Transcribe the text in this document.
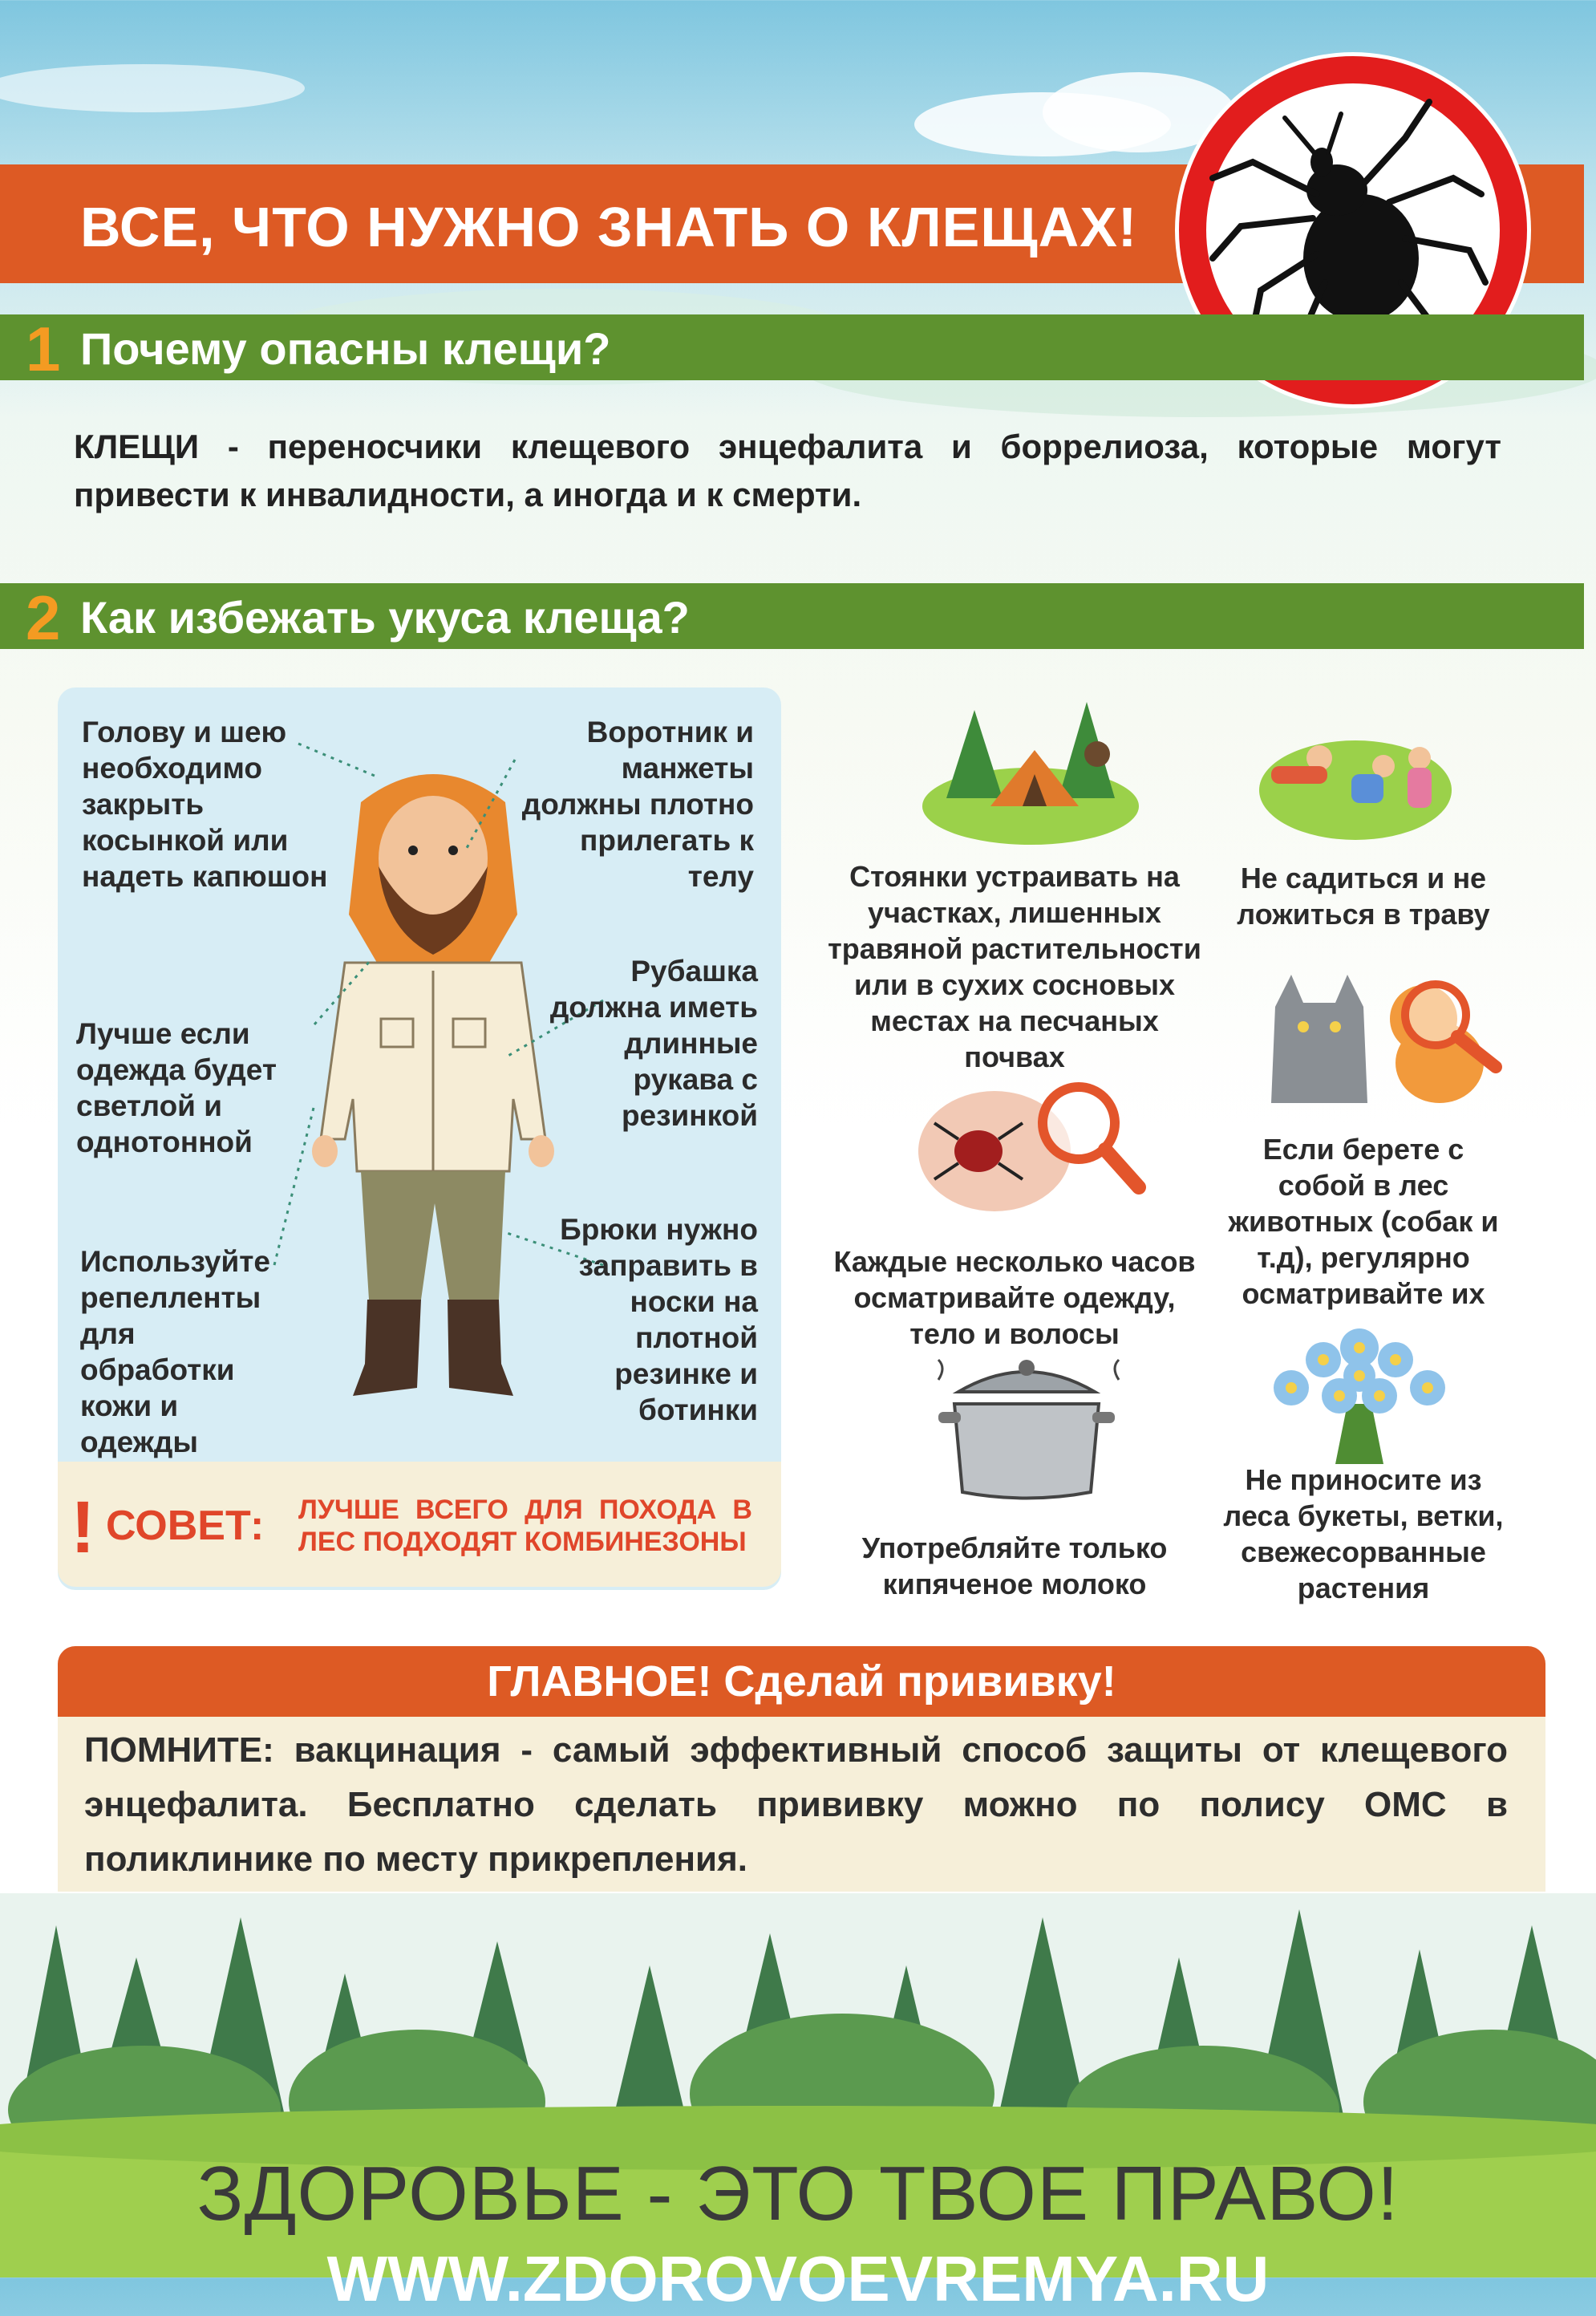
ВСЕ, ЧТО НУЖНО ЗНАТЬ О КЛЕЩАХ!
1 Почему опасны клещи?
КЛЕЩИ - переносчики клещевого энцефалита и боррелиоза, которые могут привести к инвалидности, а иногда и к смерти.
2 Как избежать укуса клеща?
Голову и шею необходимо закрыть косынкой или надеть капюшон
Воротник и манжеты должны плотно прилегать к телу
Лучше если одежда будет светлой и однотонной
Рубашка должна иметь длинные рукава с резинкой
Используйте репелленты для обработки кожи и одежды
Брюки нужно заправить в носки на плотной резинке и ботинки
! СОВЕТ: ЛУЧШЕ ВСЕГО ДЛЯ ПОХОДА В ЛЕС ПОДХОДЯТ КОМБИНЕЗОНЫ
Стоянки устраивать на участках, лишенных травяной растительности или в сухих сосновых местах на песчаных почвах
Не садиться и не ложиться в траву
Каждые несколько часов осматривайте одежду, тело и волосы
Если берете с собой в лес животных (собак и т.д), регулярно осматривайте их
Употребляйте только кипяченое молоко
Не приносите из леса букеты, ветки, свежесорванные растения
ГЛАВНОЕ! Сделай прививку!
ПОМНИТЕ: вакцинация - самый эффективный способ защиты от клещевого энцефалита. Бесплатно сделать прививку можно по полису ОМС в поликлинике по месту прикрепления.
ЗДОРОВЬЕ - ЭТО ТВОЕ ПРАВО!
WWW.ZDOROVOEVREMYA.RU
